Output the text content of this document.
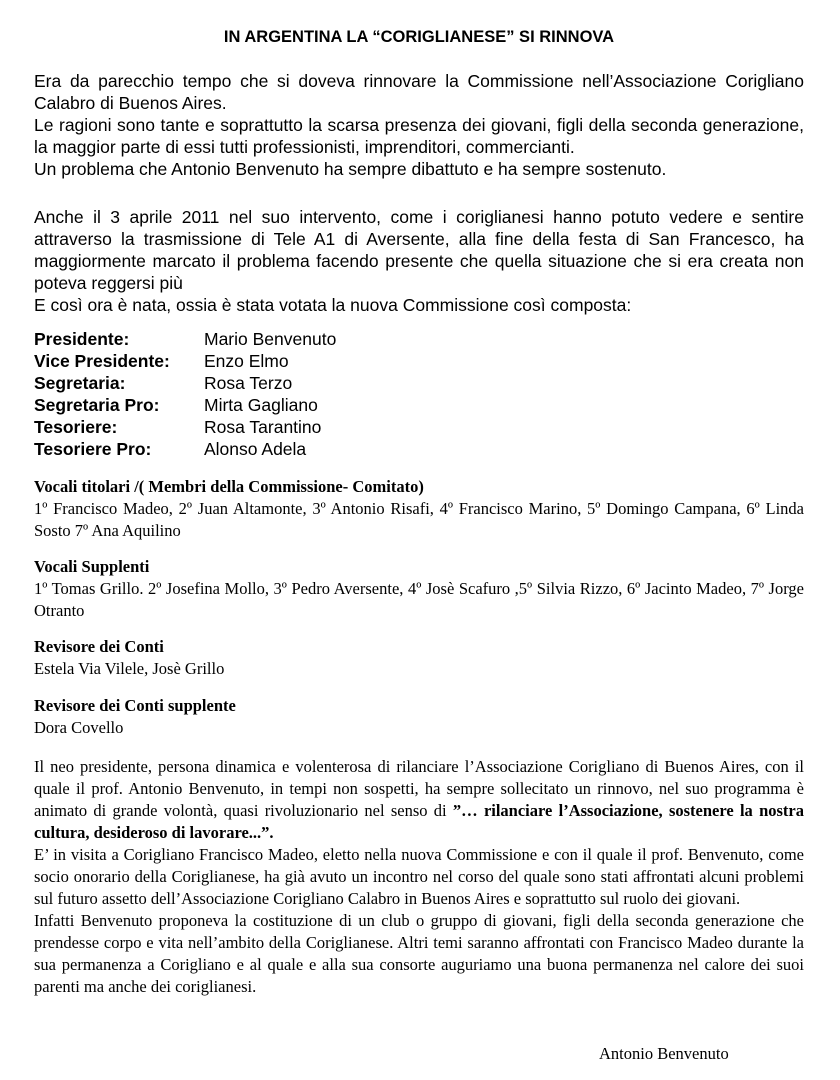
IN ARGENTINA LA “CORIGLIANESE” SI RINNOVA

Era da parecchio tempo che si doveva rinnovare la Commissione nell’Associazione Corigliano Calabro di Buenos Aires.

Le ragioni sono tante e soprattutto la scarsa presenza dei giovani, figli della seconda generazione, la maggior parte di essi tutti professionisti, imprenditori, commercianti.

Un problema che Antonio Benvenuto ha sempre dibattuto e ha sempre sostenuto.

Anche il 3 aprile 2011 nel suo intervento, come i coriglianesi hanno potuto vedere e sentire attraverso la trasmissione di Tele A1 di Aversente, alla fine della festa di San Francesco, ha maggiormente marcato il problema facendo presente che quella situazione che si era creata non poteva reggersi più

E così ora è nata, ossia è stata votata la nuova Commissione così composta:

Presidente:	Mario Benvenuto
Vice Presidente:	Enzo Elmo
Segretaria:	Rosa Terzo
Segretaria Pro:	Mirta Gagliano
Tesoriere:	Rosa Tarantino
Tesoriere Pro:	Alonso Adela
Vocali titolari /( Membri della Commissione- Comitato)

1º Francisco Madeo, 2º Juan Altamonte, 3º Antonio Risafi, 4º Francisco Marino, 5º Domingo Campana, 6º Linda Sosto 7º Ana Aquilino

Vocali Supplenti

1º Tomas Grillo. 2º Josefina Mollo, 3º Pedro Aversente, 4º Josè Scafuro ,5º Silvia Rizzo, 6º Jacinto Madeo, 7º Jorge Otranto

Revisore dei Conti
Estela Via Vilele, Josè Grillo
Revisore dei Conti supplente
Dora Covello

Il neo presidente, persona dinamica e volenterosa di rilanciare l’Associazione Corigliano di Buenos Aires, con il quale il prof. Antonio Benvenuto, in tempi non sospetti, ha sempre sollecitato un rinnovo, nel suo programma è animato di grande volontà, quasi rivoluzionario nel senso di ”… rilanciare l’Associazione, sostenere la nostra cultura, desideroso di lavorare...”.

E’ in visita a Corigliano Francisco Madeo, eletto nella nuova Commissione e con il quale il prof. Benvenuto, come socio onorario della Coriglianese, ha già avuto un incontro nel corso del quale sono stati affrontati alcuni problemi sul futuro assetto dell’Associazione Corigliano Calabro in Buenos Aires e soprattutto sul ruolo dei giovani.

Infatti Benvenuto proponeva la costituzione di un club o gruppo di giovani, figli della seconda generazione che prendesse corpo e vita nell’ambito della Coriglianese. Altri temi saranno affrontati con Francisco Madeo durante la sua permanenza a Corigliano e al quale e alla sua consorte auguriamo una buona permanenza nel calore dei suoi parenti ma anche dei coriglianesi.

Antonio Benvenuto
